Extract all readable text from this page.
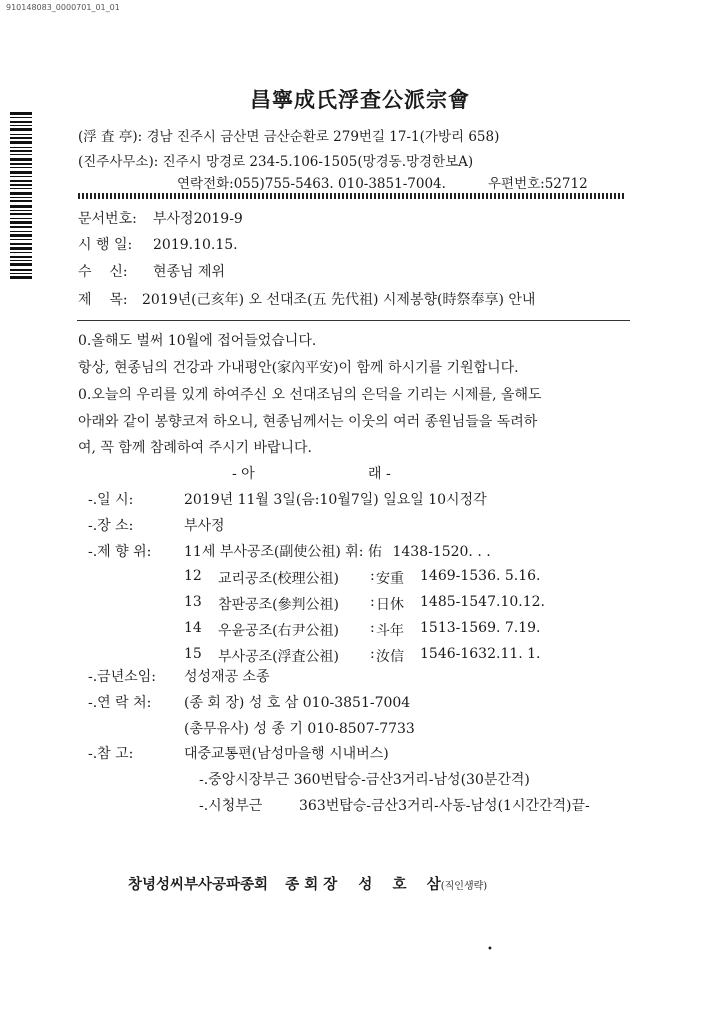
910148083_0000701_01_01
昌寧成氏浮査公派宗會
(浮 査 亭): 경남 진주시 금산면 금산순환로 279번길 17-1(가방리 658)
(진주사무소): 진주시 망경로 234-5.106-1505(망경동.망경한보A)
연락전화:055)755-5463. 010-3851-7004.	우편번호:52712
문서번호: 부사정2019-9
시 행 일: 2019.10.15.
수    신: 현종님 제위
제    목: 2019년(己亥年) 오 선대조(五 先代祖) 시제봉향(時祭奉享) 안내
0.올해도 벌써 10월에 접어들었습니다.
항상, 현종님의 건강과 가내평안(家內平安)이 함께 하시기를 기원합니다.
0.오늘의 우리를 있게 하여주신 오 선대조님의 은덕을 기리는 시제를, 올해도
아래와 같이 봉향코져 하오니, 현종님께서는 이웃의 여러 종원님들을 독려하
여, 꼭 함께 참례하여 주시기 바랍니다.
- 아	래 -
-.일 시:	2019년 11월 3일(음:10월7일) 일요일 10시정각
-.장 소:	부사정
-.제 향 위: 11세 부사공조(副使公祖) 휘: 佑 1438-1520. . .
12 교리공조(校理公祖) : 安重 1469-1536. 5.16.
13 참판공조(參判公祖) : 日休 1485-1547.10.12.
14 우윤공조(右尹公祖) : 斗年 1513-1569. 7.19.
15 부사공조(浮査公祖) : 汝信 1546-1632.11. 1.
-.금년소임: 성성재공 소종
-.연 락 처: (종 회 장) 성 호 삼 010-3851-7004
(총무유사) 성 종 기 010-8507-7733
-.참 고:	대중교통편(남성마을행 시내버스)
-.중앙시장부근 360번탑승-금산3거리-남성(30분간격)
-.시청부근	363번탑승-금산3거리-사동-남성(1시간간격)끝-
창녕성씨부사공파종회 종 회 장 성    호    삼(직인생략)
•
